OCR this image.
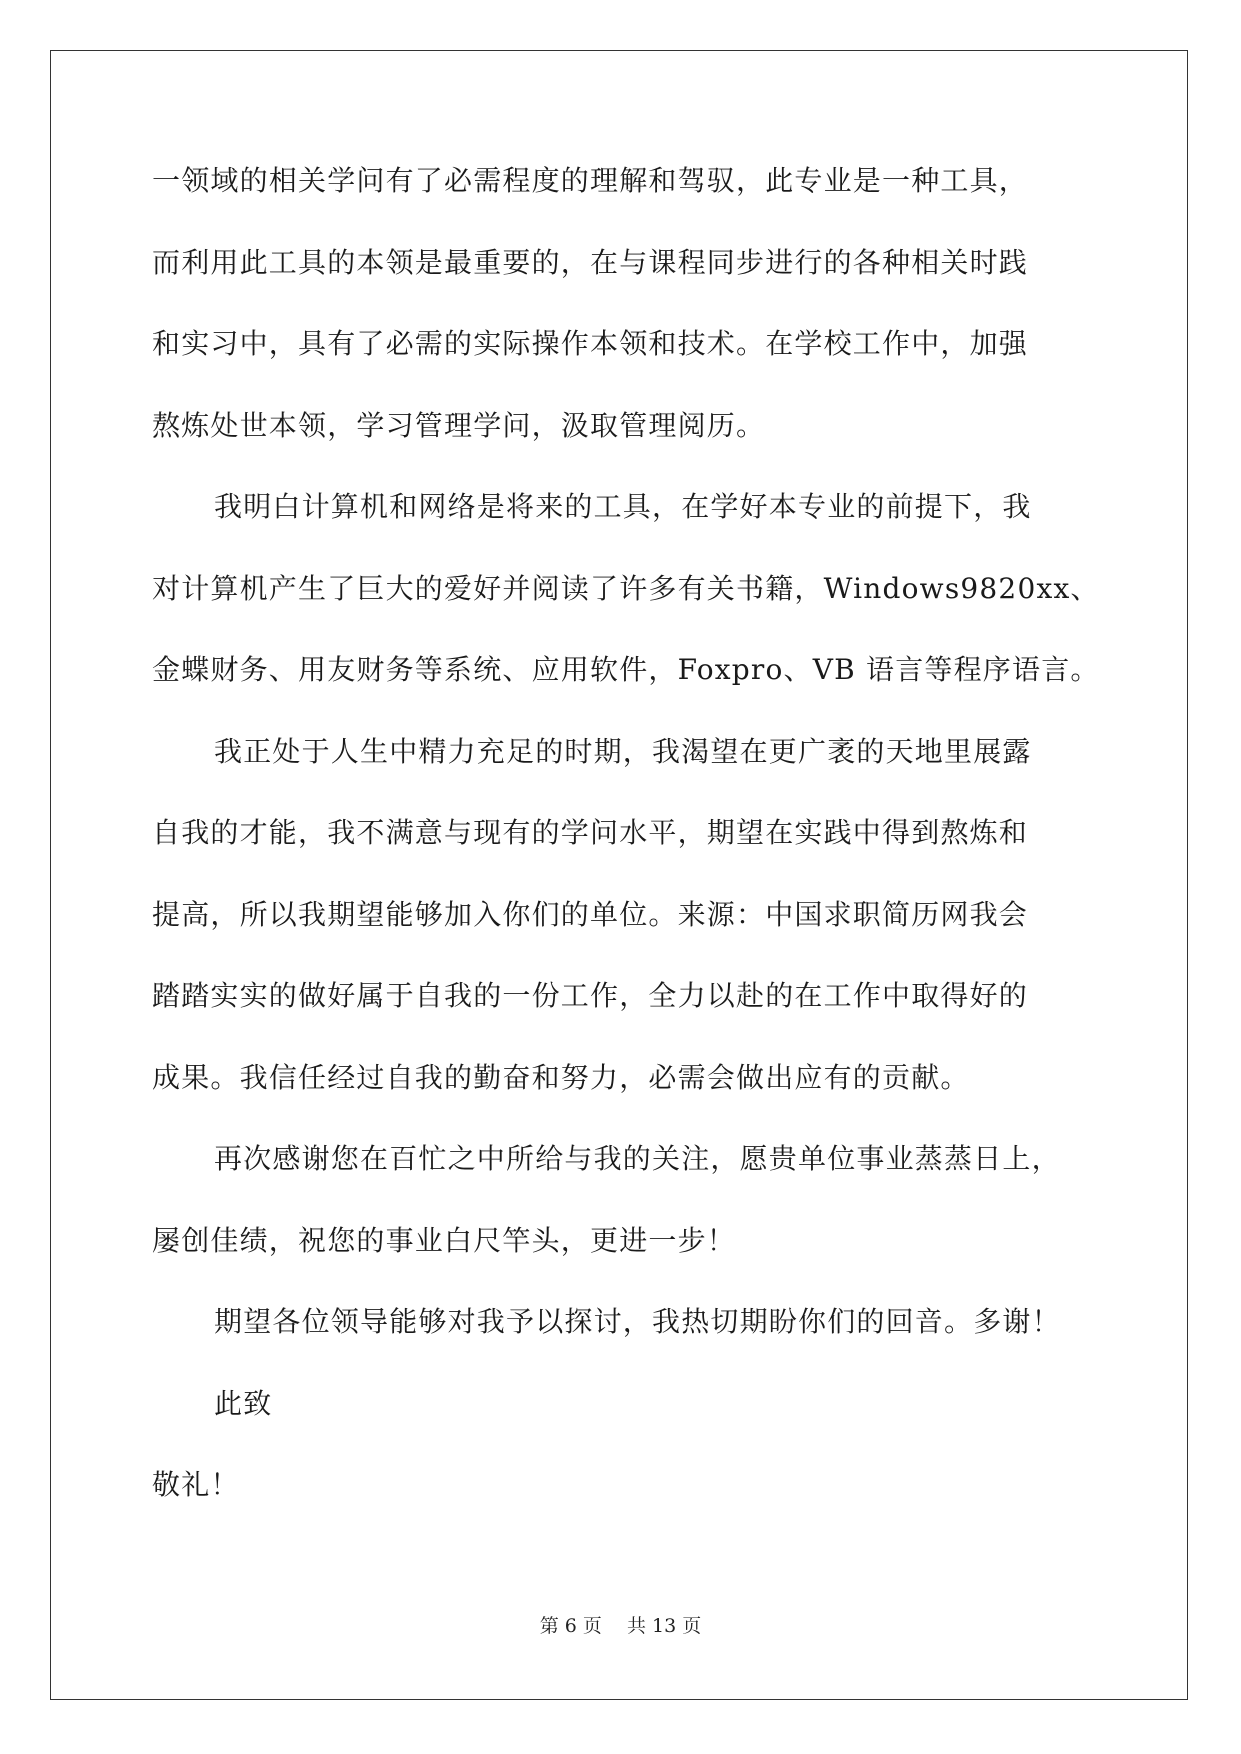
一领域的相关学问有了必需程度的理解和驾驭，此专业是一种工具，
而利用此工具的本领是最重要的，在与课程同步进行的各种相关时践
和实习中，具有了必需的实际操作本领和技术。在学校工作中，加强
熬炼处世本领，学习管理学问，汲取管理阅历。
我明白计算机和网络是将来的工具，在学好本专业的前提下，我
对计算机产生了巨大的爱好并阅读了许多有关书籍，Windows9820xx、
金蝶财务、用友财务等系统、应用软件，Foxpro、VB 语言等程序语言。
我正处于人生中精力充足的时期，我渴望在更广袤的天地里展露
自我的才能，我不满意与现有的学问水平，期望在实践中得到熬炼和
提高，所以我期望能够加入你们的单位。来源：中国求职简历网我会
踏踏实实的做好属于自我的一份工作，全力以赴的在工作中取得好的
成果。我信任经过自我的勤奋和努力，必需会做出应有的贡献。
再次感谢您在百忙之中所给与我的关注，愿贵单位事业蒸蒸日上，
屡创佳绩，祝您的事业白尺竿头，更进一步！
期望各位领导能够对我予以探讨，我热切期盼你们的回音。多谢！
此致
敬礼！
第 6 页　 共 13 页
